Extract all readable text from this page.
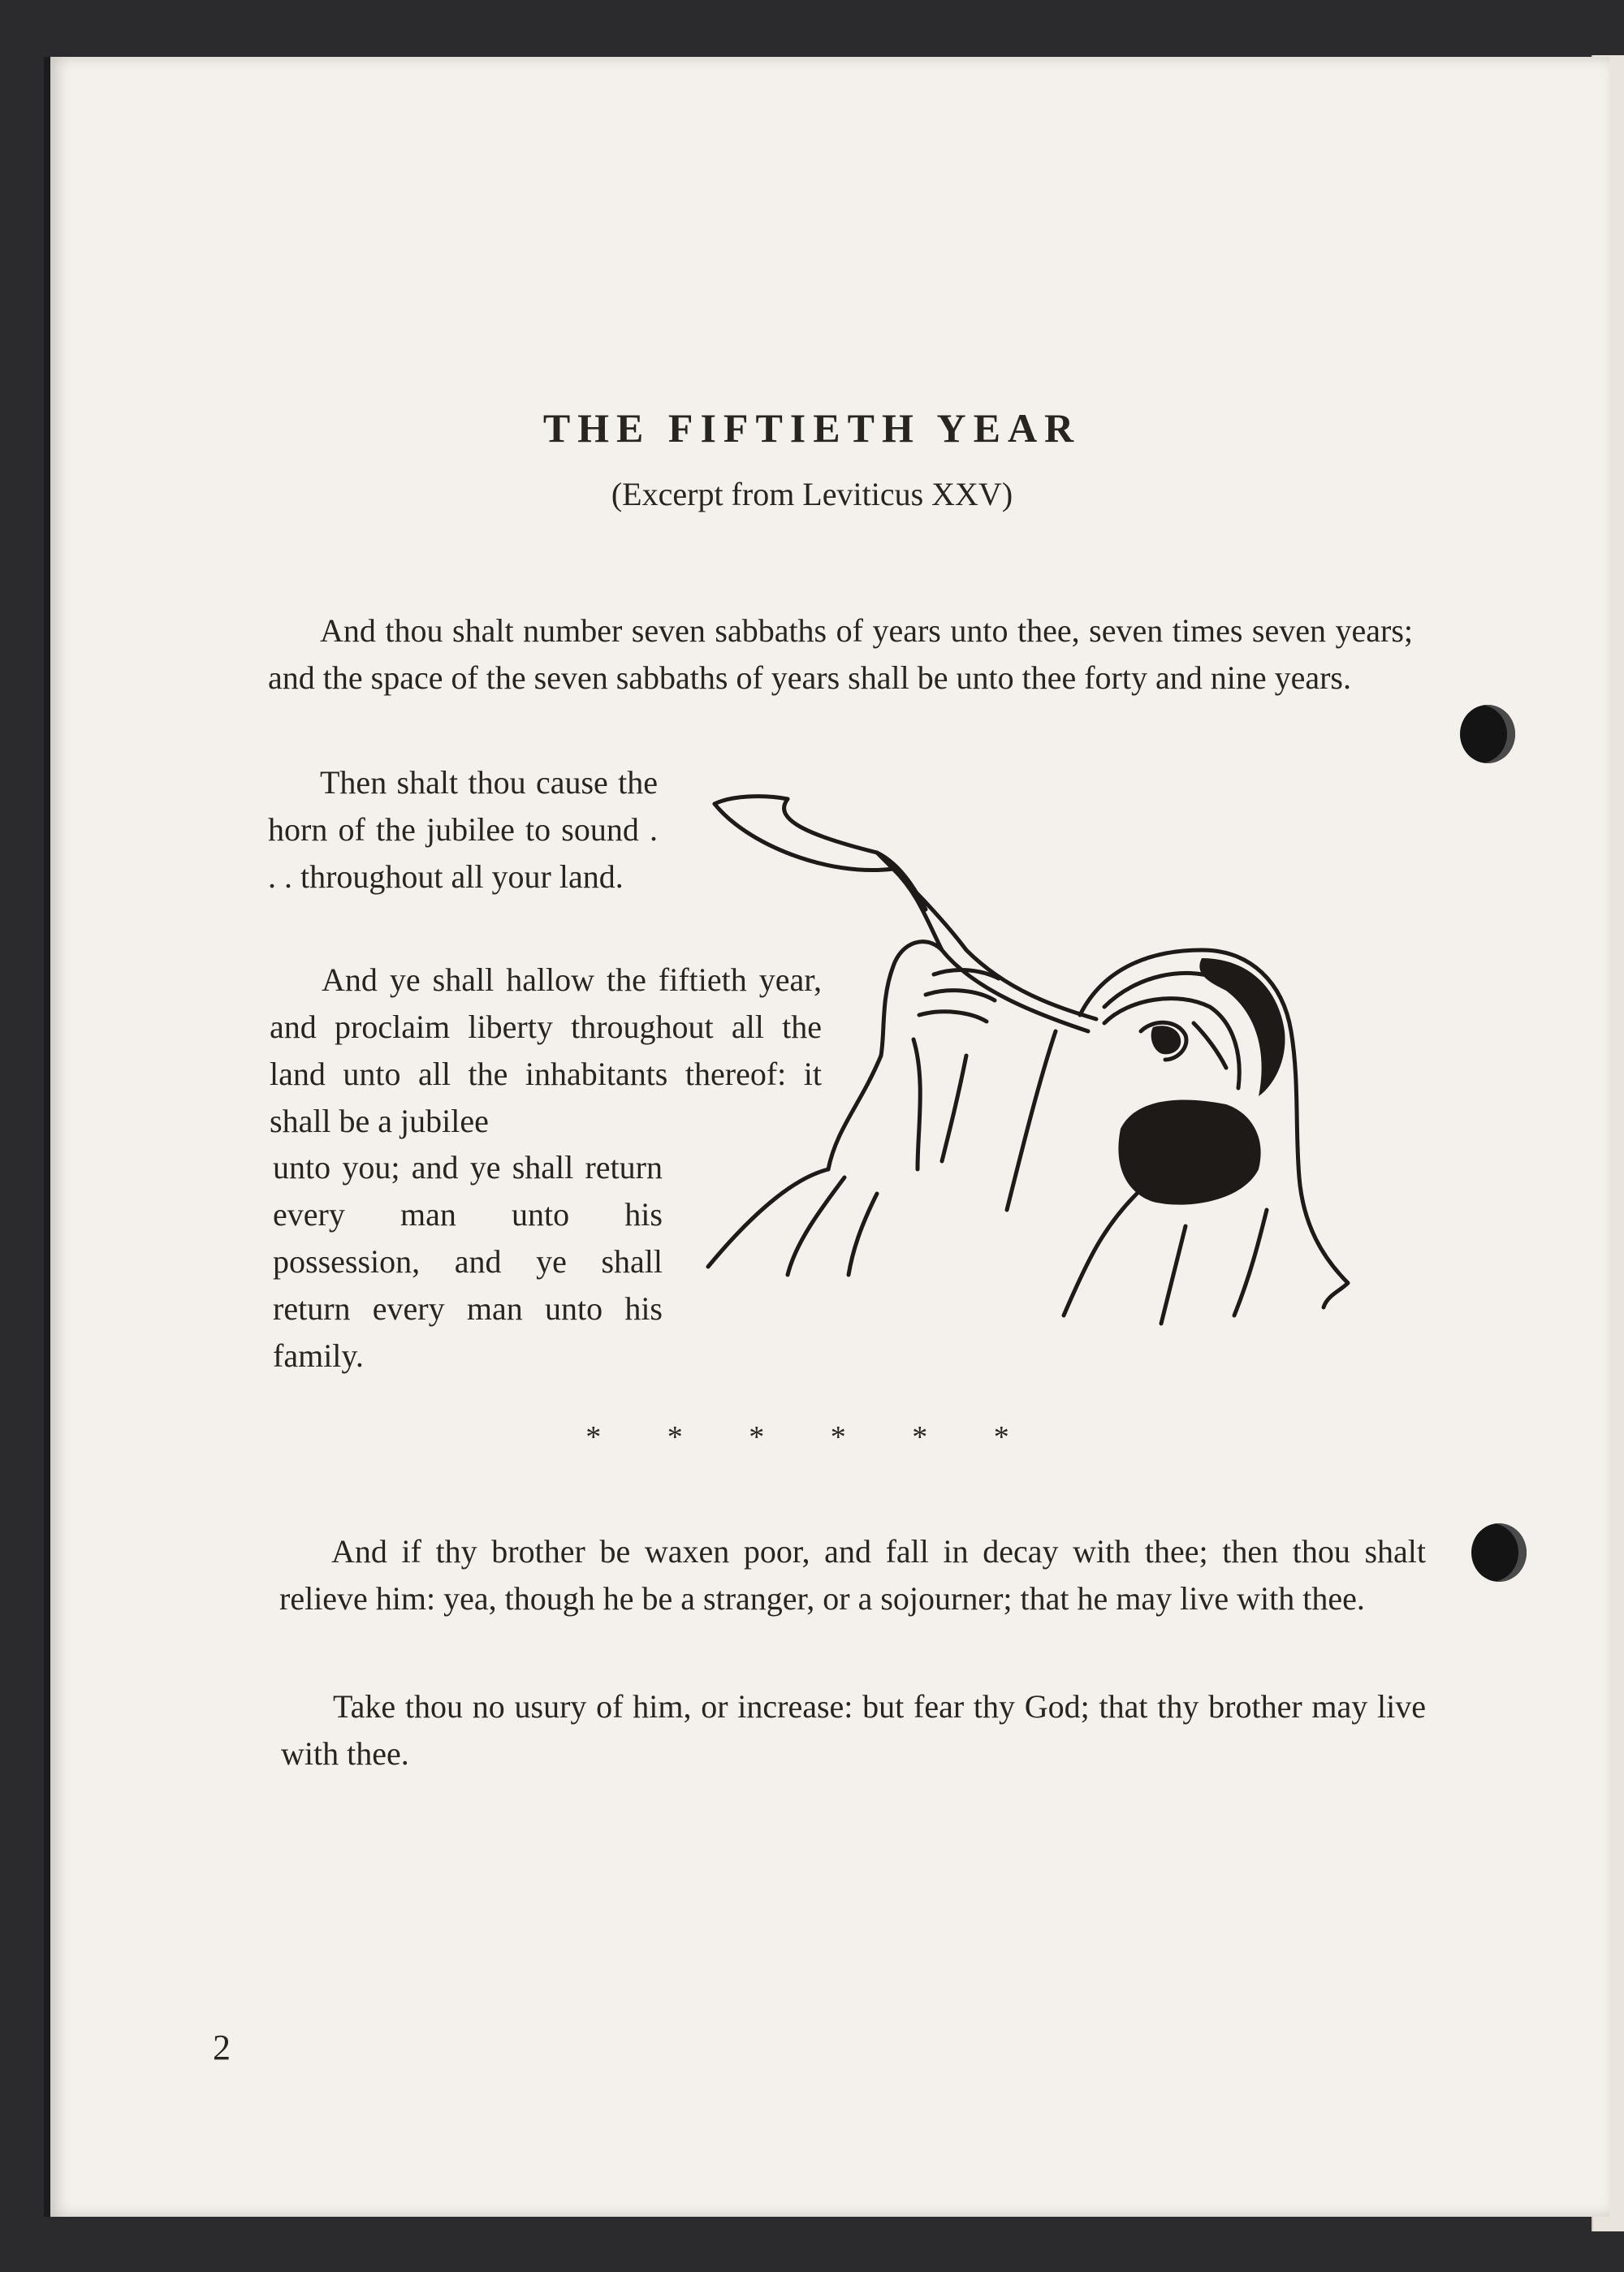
THE FIFTIETH YEAR
(Excerpt from Leviticus XXV)

And thou shalt number seven sabbaths of years unto thee, seven times seven years; and the space of the seven sabbaths of years shall be unto thee forty and nine years.

Then shalt thou cause the horn of the jubilee to sound . . . throughout all your land.

And ye shall hallow the fiftieth year, and proclaim liberty throughout all the land unto all the inhabitants thereof: it shall be a jubilee

unto you; and ye shall return every man unto his possession, and ye shall return every man unto his family.

* * * * * *

And if thy brother be waxen poor, and fall in decay with thee; then thou shalt relieve him: yea, though he be a stranger, or a sojourner; that he may live with thee.

Take thou no usury of him, or increase: but fear thy God; that thy brother may live with thee.

2
